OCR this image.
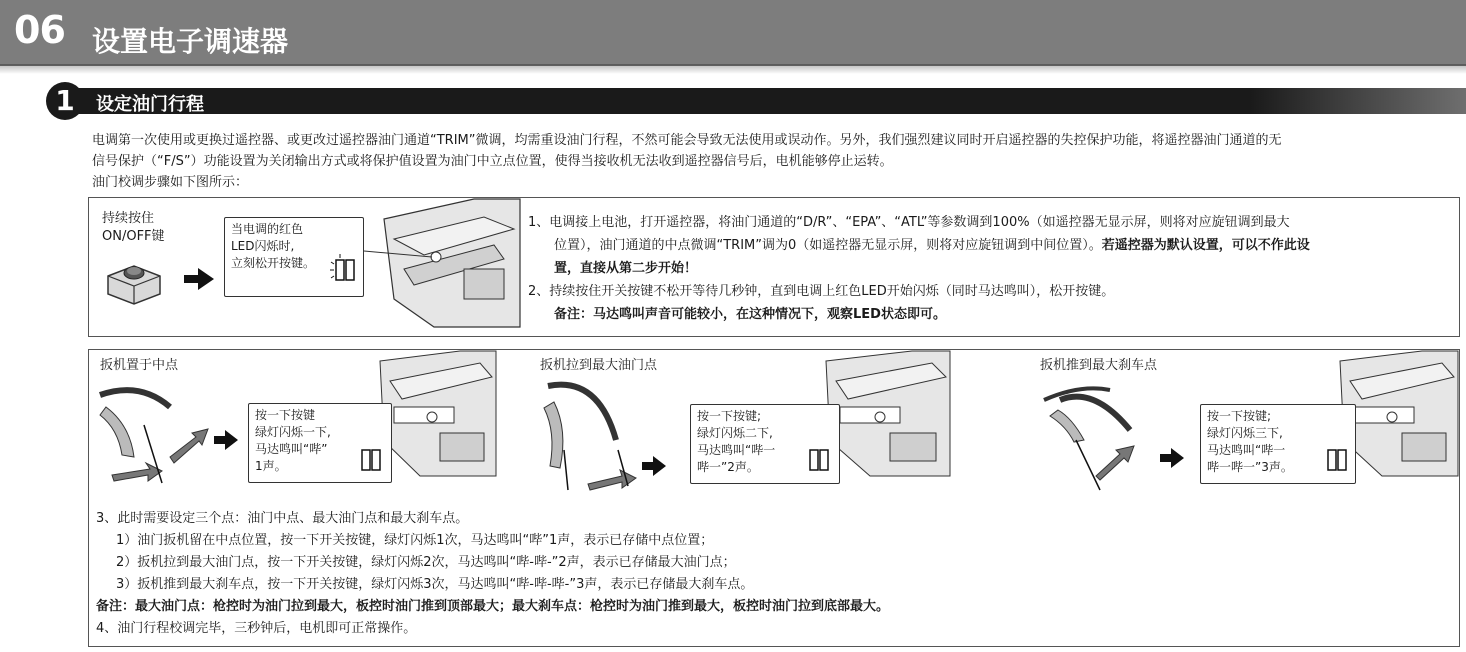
06 设置电子调速器
1	设定油门行程

电调第一次使用或更换过遥控器、或更改过遥控器油门通道“TRIM”微调，均需重设油门行程，不然可能会导致无法使用或误动作。另外，我们强烈建议同时开启遥控器的失控保护功能，将遥控器油门通道的无

信号保护（“F/S”）功能设置为关闭输出方式或将保护值设置为油门中立点位置，使得当接收机无法收到遥控器信号后，电机能够停止运转。

油门校调步骤如下图所示：

持续按住
ON/OFF键	当电调的红色
LED闪烁时,
立刻松开按键。

1、电调接上电池，打开遥控器，将油门通道的“D/R”、“EPA”、“ATL”等参数调到100%（如遥控器无显示屏，则将对应旋钮调到最大

位置），油门通道的中点微调“TRIM”调为0（如遥控器无显示屏，则将对应旋钮调到中间位置）。若遥控器为默认设置，可以不作此设

置，直接从第二步开始！

2、持续按住开关按键不松开等待几秒钟，直到电调上红色LED开始闪烁（同时马达鸣叫），松开按键。

备注：马达鸣叫声音可能较小，在这种情况下，观察LED状态即可。

扳机置于中点
按一下按键
绿灯闪烁一下,
马达鸣叫“哔”
1声。
扳机拉到最大油门点
按一下按键;
绿灯闪烁二下,
马达鸣叫“哔一
哔一”2声。
扳机推到最大刹车点
按一下按键;
绿灯闪烁三下,
马达鸣叫“哔一
哔一哔一”3声。

3、此时需要设定三个点：油门中点、最大油门点和最大刹车点。

1）油门扳机留在中点位置，按一下开关按键，绿灯闪烁1次，马达鸣叫“哔”1声，表示已存储中点位置；

2）扳机拉到最大油门点，按一下开关按键，绿灯闪烁2次，马达鸣叫“哔-哔-”2声，表示已存储最大油门点；

3）扳机推到最大刹车点，按一下开关按键，绿灯闪烁3次，马达鸣叫“哔-哔-哔-”3声，表示已存储最大刹车点。

备注：最大油门点：枪控时为油门拉到最大，板控时油门推到顶部最大；最大刹车点：枪控时为油门推到最大，板控时油门拉到底部最大。

4、油门行程校调完毕，三秒钟后，电机即可正常操作。
